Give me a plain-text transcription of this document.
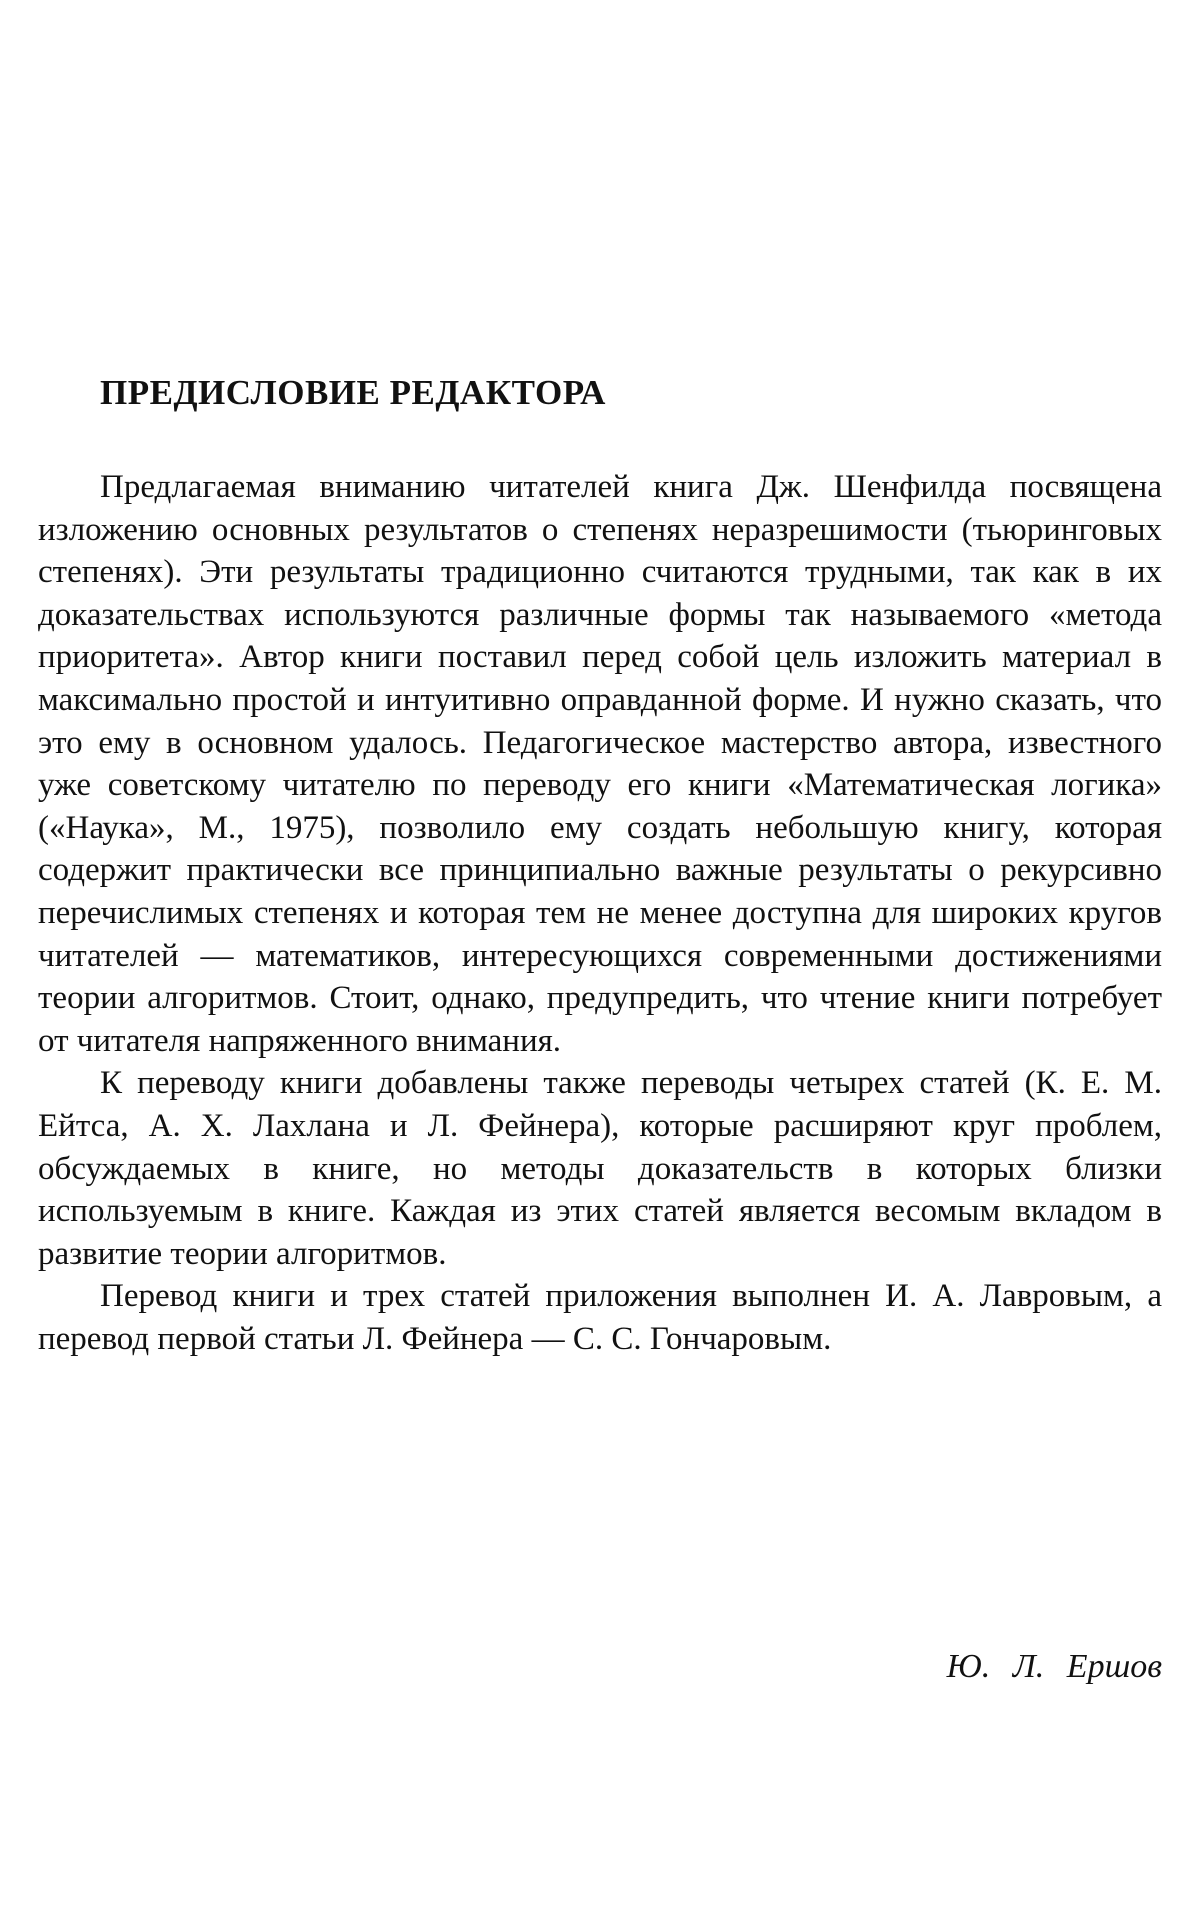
ПРЕДИСЛОВИЕ РЕДАКТОРА

Предлагаемая вниманию читателей книга Дж. Шенфилда посвящена изложению основных результатов о степенях неразрешимости (тьюринговых степенях). Эти результаты традиционно считаются трудными, так как в их доказательствах используются различные формы так называемого «метода приоритета». Автор книги поставил перед собой цель изложить материал в максимально простой и интуитивно оправданной форме. И нужно сказать, что это ему в основном удалось. Педагогическое мастерство автора, известного уже советскому читателю по переводу его книги «Математическая логика» («Наука», М., 1975), позволило ему создать небольшую книгу, которая содержит практически все принципиально важные результаты о рекурсивно перечислимых степенях и которая тем не менее доступна для широких кругов читателей — математиков, интересующихся современными достижениями теории алгоритмов. Стоит, однако, предупредить, что чтение книги потребует от читателя напряженного внимания.

К переводу книги добавлены также переводы четырех статей (К. Е. М. Ейтса, А. Х. Лахлана и Л. Фейнера), которые расширяют круг проблем, обсуждаемых в книге, но методы доказательств в которых близки используемым в книге. Каждая из этих статей является весомым вкладом в развитие теории алгоритмов.

Перевод книги и трех статей приложения выполнен И. А. Лавровым, а перевод первой статьи Л. Фейнера — С. С. Гончаровым.

Ю. Л. Ершов
